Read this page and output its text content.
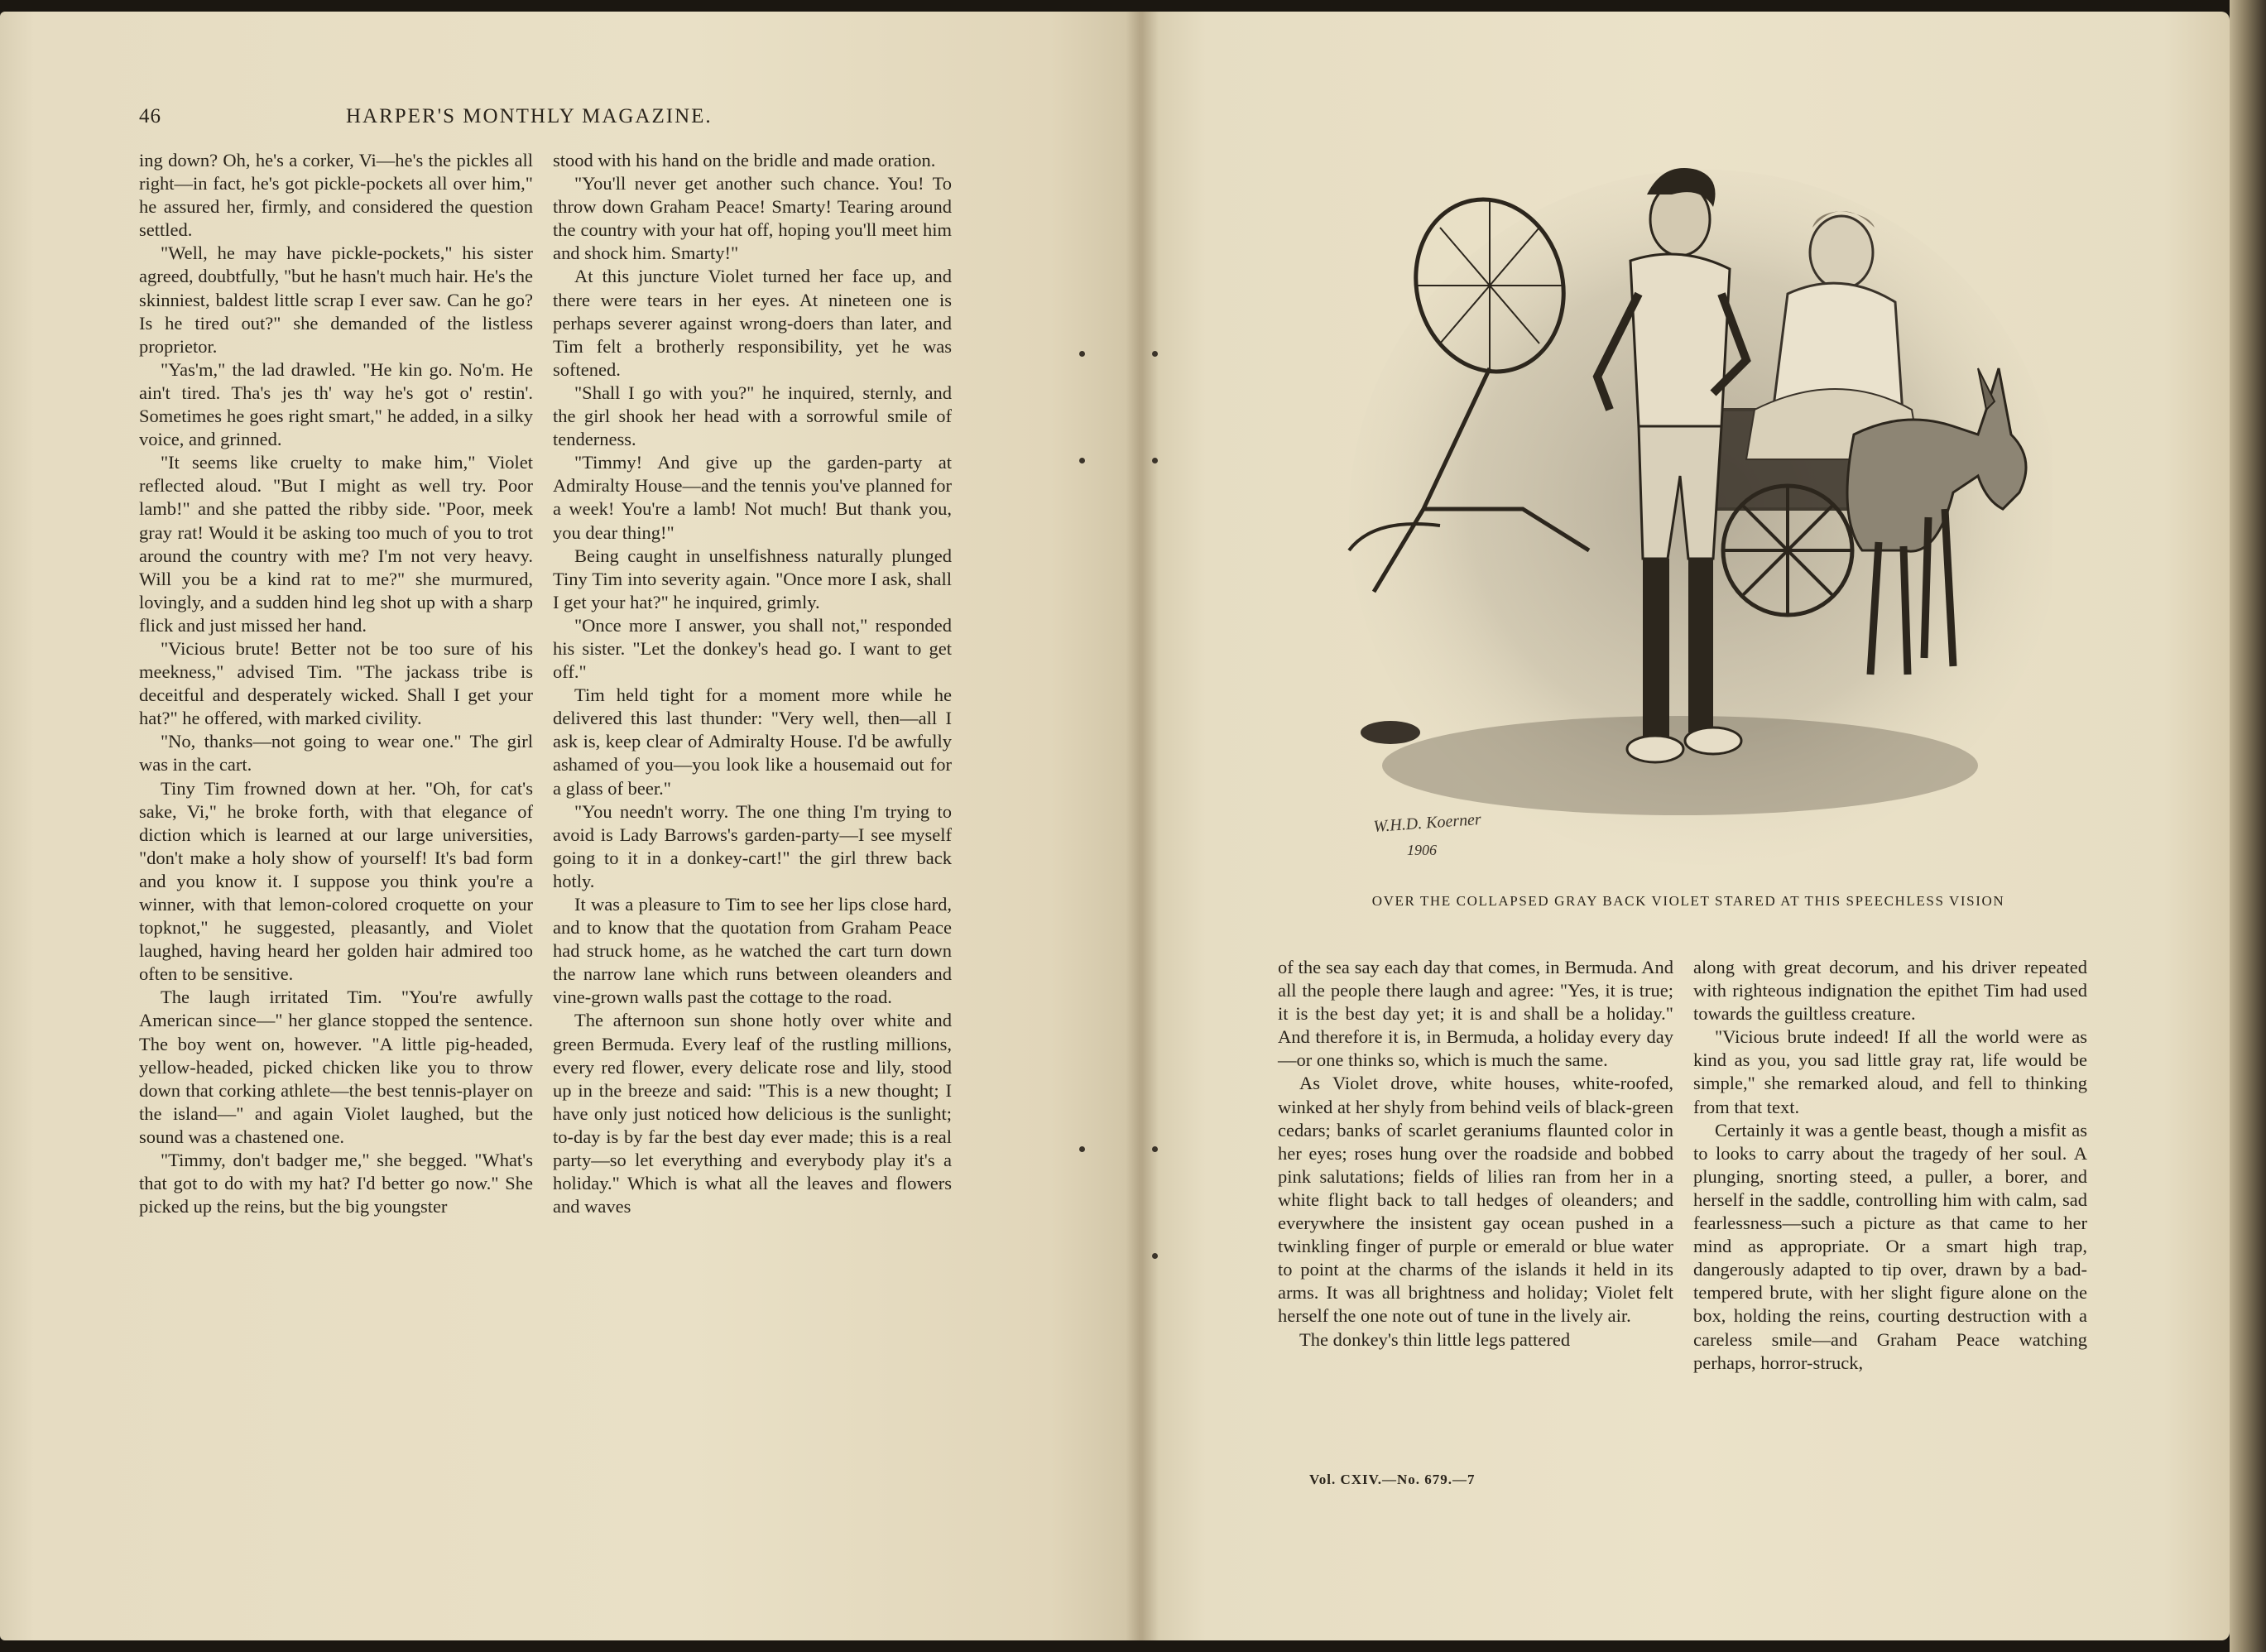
46	HARPER'S MONTHLY MAGAZINE.

ing down? Oh, he's a corker, Vi—he's the pickles all right—in fact, he's got pickle-pockets all over him," he assured her, firmly, and considered the question settled.

"Well, he may have pickle-pockets," his sister agreed, doubtfully, "but he hasn't much hair. He's the skinniest, baldest little scrap I ever saw. Can he go? Is he tired out?" she demanded of the listless proprietor.

"Yas'm," the lad drawled. "He kin go. No'm. He ain't tired. Tha's jes th' way he's got o' restin'. Sometimes he goes right smart," he added, in a silky voice, and grinned.

"It seems like cruelty to make him," Violet reflected aloud. "But I might as well try. Poor lamb!" and she patted the ribby side. "Poor, meek gray rat! Would it be asking too much of you to trot around the country with me? I'm not very heavy. Will you be a kind rat to me?" she murmured, lovingly, and a sudden hind leg shot up with a sharp flick and just missed her hand.

"Vicious brute! Better not be too sure of his meekness," advised Tim. "The jackass tribe is deceitful and desperately wicked. Shall I get your hat?" he offered, with marked civility.

"No, thanks—not going to wear one." The girl was in the cart.

Tiny Tim frowned down at her. "Oh, for cat's sake, Vi," he broke forth, with that elegance of diction which is learned at our large universities, "don't make a holy show of yourself! It's bad form and you know it. I suppose you think you're a winner, with that lemon-colored croquette on your topknot," he suggested, pleasantly, and Violet laughed, having heard her golden hair admired too often to be sensitive.

The laugh irritated Tim. "You're awfully American since—" her glance stopped the sentence. The boy went on, however. "A little pig-headed, yellow-headed, picked chicken like you to throw down that corking athlete—the best tennis-player on the island—" and again Violet laughed, but the sound was a chastened one.

"Timmy, don't badger me," she begged. "What's that got to do with my hat? I'd better go now." She picked up the reins, but the big youngster

stood with his hand on the bridle and made oration.

"You'll never get another such chance. You! To throw down Graham Peace! Smarty! Tearing around the country with your hat off, hoping you'll meet him and shock him. Smarty!"

At this juncture Violet turned her face up, and there were tears in her eyes. At nineteen one is perhaps severer against wrong-doers than later, and Tim felt a brotherly responsibility, yet he was softened.

"Shall I go with you?" he inquired, sternly, and the girl shook her head with a sorrowful smile of tenderness.

"Timmy! And give up the garden-party at Admiralty House—and the tennis you've planned for a week! You're a lamb! Not much! But thank you, you dear thing!"

Being caught in unselfishness naturally plunged Tiny Tim into severity again. "Once more I ask, shall I get your hat?" he inquired, grimly.

"Once more I answer, you shall not," responded his sister. "Let the donkey's head go. I want to get off."

Tim held tight for a moment more while he delivered this last thunder: "Very well, then—all I ask is, keep clear of Admiralty House. I'd be awfully ashamed of you—you look like a housemaid out for a glass of beer."

"You needn't worry. The one thing I'm trying to avoid is Lady Barrows's garden-party—I see myself going to it in a donkey-cart!" the girl threw back hotly.

It was a pleasure to Tim to see her lips close hard, and to know that the quotation from Graham Peace had struck home, as he watched the cart turn down the narrow lane which runs between oleanders and vine-grown walls past the cottage to the road.

The afternoon sun shone hotly over white and green Bermuda. Every leaf of the rustling millions, every red flower, every delicate rose and lily, stood up in the breeze and said: "This is a new thought; I have only just noticed how delicious is the sunlight; to-day is by far the best day ever made; this is a real party—so let everything and everybody play it's a holiday." Which is what all the leaves and flowers and waves

W.H.D. Koerner
1906
OVER THE COLLAPSED GRAY BACK VIOLET STARED AT THIS SPEECHLESS VISION

of the sea say each day that comes, in Bermuda. And all the people there laugh and agree: "Yes, it is true; it is the best day yet; it is and shall be a holiday." And therefore it is, in Bermuda, a holiday every day—or one thinks so, which is much the same.

As Violet drove, white houses, white-roofed, winked at her shyly from behind veils of black-green cedars; banks of scarlet geraniums flaunted color in her eyes; roses hung over the roadside and bobbed pink salutations; fields of lilies ran from her in a white flight back to tall hedges of oleanders; and everywhere the insistent gay ocean pushed in a twinkling finger of purple or emerald or blue water to point at the charms of the islands it held in its arms. It was all brightness and holiday; Violet felt herself the one note out of tune in the lively air.

The donkey's thin little legs pattered

along with great decorum, and his driver repeated with righteous indignation the epithet Tim had used towards the guiltless creature.

"Vicious brute indeed! If all the world were as kind as you, you sad little gray rat, life would be simple," she remarked aloud, and fell to thinking from that text.

Certainly it was a gentle beast, though a misfit as to looks to carry about the tragedy of her soul. A plunging, snorting steed, a puller, a borer, and herself in the saddle, controlling him with calm, sad fearlessness—such a picture as that came to her mind as appropriate. Or a smart high trap, dangerously adapted to tip over, drawn by a bad-tempered brute, with her slight figure alone on the box, holding the reins, courting destruction with a careless smile—and Graham Peace watching perhaps, horror-struck,

Vol. CXIV.—No. 679.—7
